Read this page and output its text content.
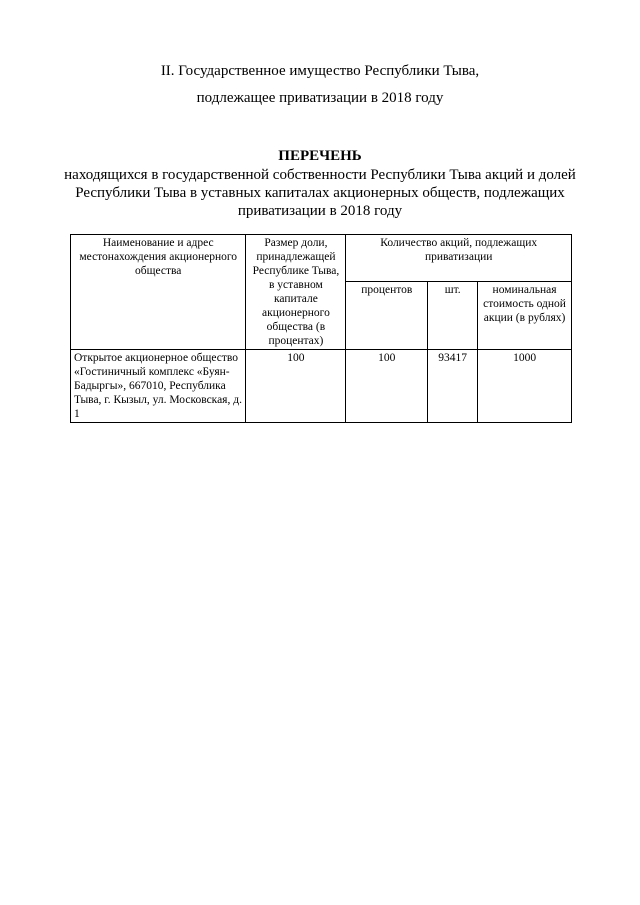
II. Государственное имущество Республики Тыва,
подлежащее приватизации в 2018 году
ПЕРЕЧЕНЬ
находящихся в государственной собственности Республики Тыва акций и долей Республики Тыва в уставных капиталах акционерных обществ, подлежащих приватизации в 2018 году
Наименование и адрес местонахождения акционерного общества	Размер доли, принадлежащей Республике Тыва, в уставном капитале акционерного общества (в процентах)	Количество акций, подлежащих приватизации		
		процентов	шт.	номинальная стоимость одной акции (в рублях)
Открытое акционерное общество «Гостиничный комплекс «Буян-Бадыргы», 667010, Республика Тыва, г. Кызыл, ул. Московская, д. 1	100	100	93417	1000
